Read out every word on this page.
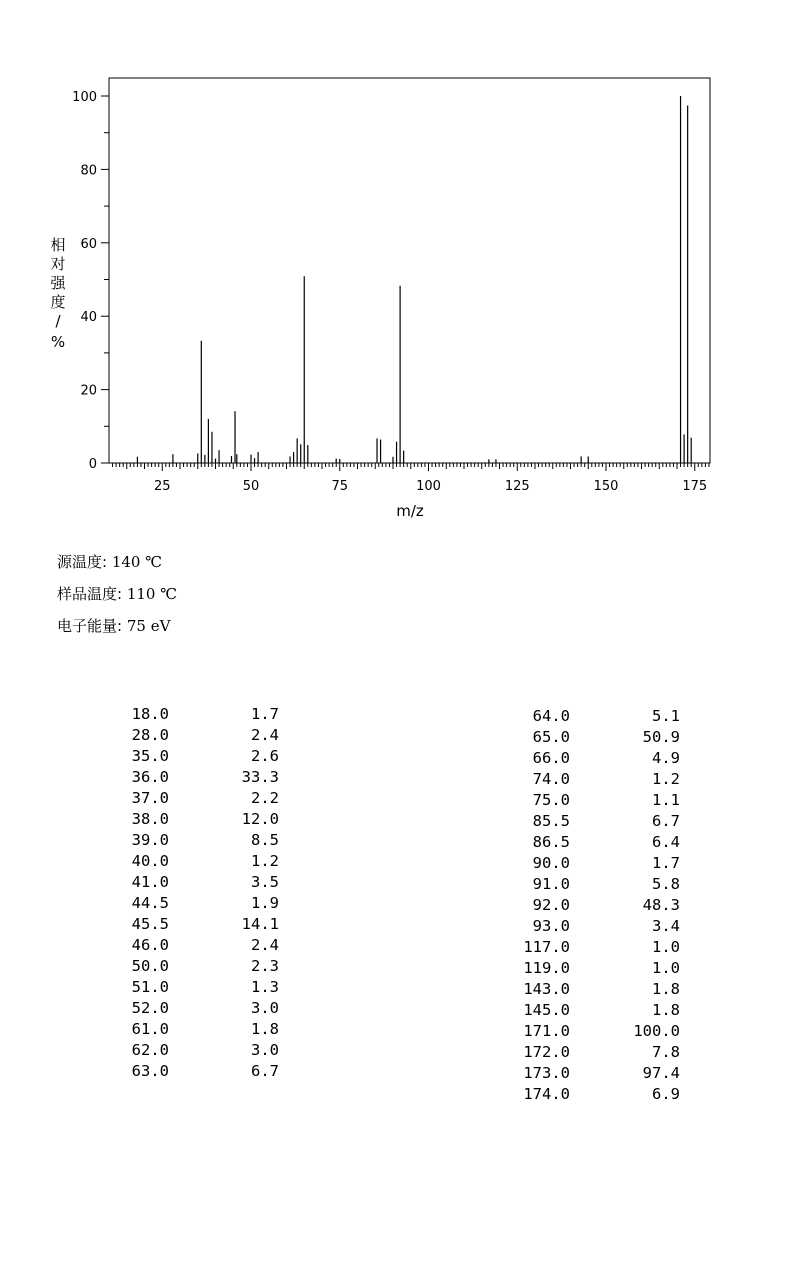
25	50	75	100	125	150	175
0
20
40
60
80
100
m/z
相对强度/ %
源温度: 140 ℃
样品温度: 110 ℃
电子能量: 75 eV
18.0	1.7
28.0	2.4
35.0	2.6
36.0	33.3
37.0	2.2
38.0	12.0
39.0	8.5
40.0	1.2
41.0	3.5
44.5	1.9
45.5	14.1
46.0	2.4
50.0	2.3
51.0	1.3
52.0	3.0
61.0	1.8
62.0	3.0
63.0	6.7
64.0	5.1
65.0	50.9
66.0	4.9
74.0	1.2
75.0	1.1
85.5	6.7
86.5	6.4
90.0	1.7
91.0	5.8
92.0	48.3
93.0	3.4
117.0	1.0
119.0	1.0
143.0	1.8
145.0	1.8
171.0	100.0
172.0	7.8
173.0	97.4
174.0	6.9
